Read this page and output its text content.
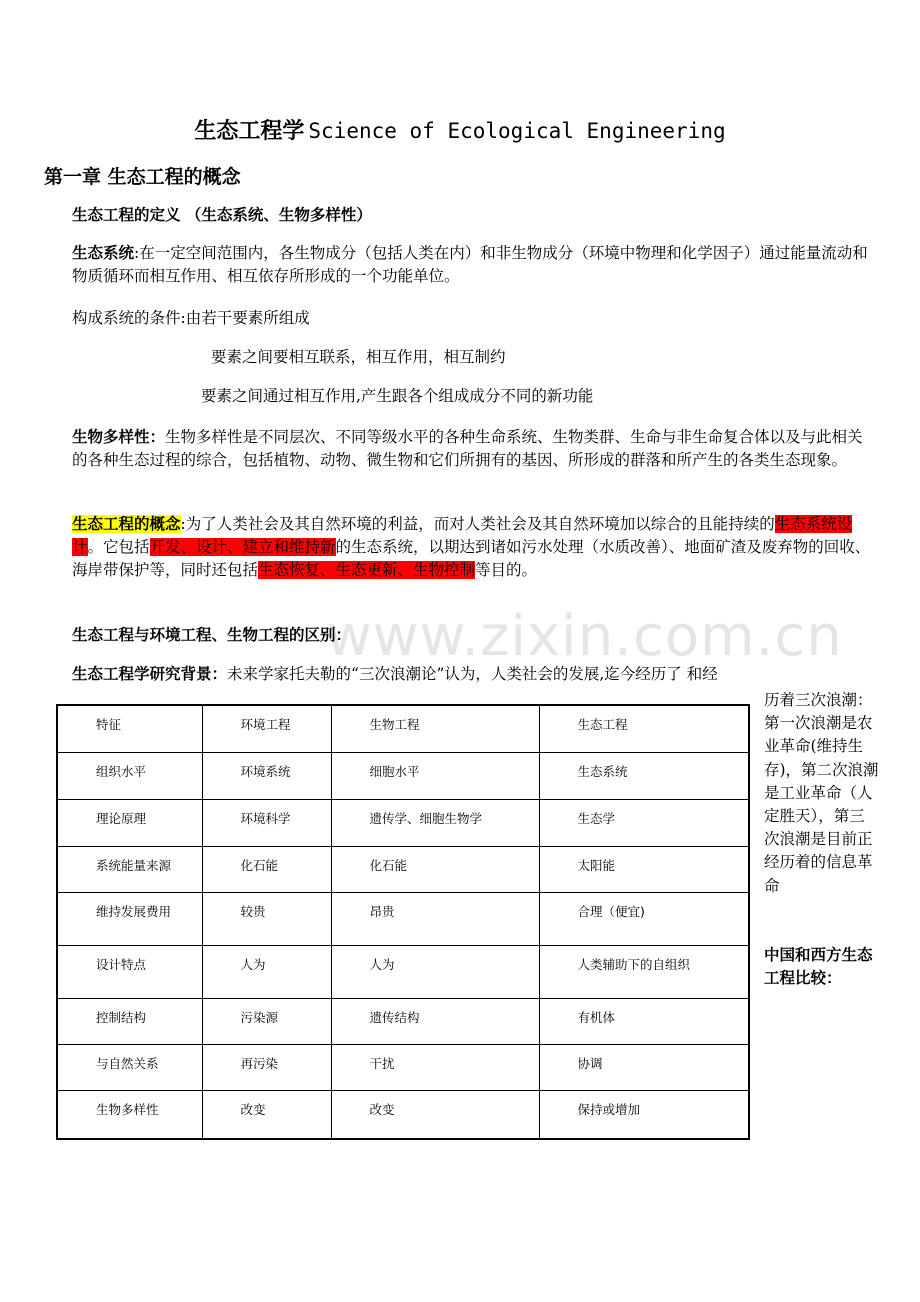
生态工程学 Science of Ecological Engineering
第一章 生态工程的概念
生态工程的定义 （生态系统、生物多样性）
生态系统:在一定空间范围内，各生物成分（包括人类在内）和非生物成分（环境中物理和化学因子）通过能量流动和物质循环而相互作用、相互依存所形成的一个功能单位。
构成系统的条件:由若干要素所组成
要素之间要相互联系，相互作用，相互制约
要素之间通过相互作用,产生跟各个组成成分不同的新功能
生物多样性：生物多样性是不同层次、不同等级水平的各种生命系统、生物类群、生命与非生命复合体以及与此相关的各种生态过程的综合，包括植物、动物、微生物和它们所拥有的基因、所形成的群落和所产生的各类生态现象。
生态工程的概念:为了人类社会及其自然环境的利益，而对人类社会及其自然环境加以综合的且能持续的生态系统设计。它包括开发、设计、建立和维持新的生态系统，以期达到诸如污水处理（水质改善）、地面矿渣及废弃物的回收、海岸带保护等，同时还包括生态恢复、生态更新、生物控制等目的。
www.zixin.com.cn
生态工程与环境工程、生物工程的区别：
生态工程学研究背景：未来学家托夫勒的“三次浪潮论”认为，人类社会的发展,迄今经历了 和经
历着三次浪潮：第一次浪潮是农业革命(维持生存)，第二次浪潮是工业革命（人定胜天），第三 次浪潮是目前正经历着的信息革命
中国和西方生态工程比较：
特征	环境工程	生物工程	生态工程
组织水平	环境系统	细胞水平	生态系统
理论原理	环境科学	遗传学、细胞生物学	生态学
系统能量来源	化石能	化石能	太阳能
维持发展费用	较贵	昂贵	合理（便宜)
设计特点	人为	人为	人类辅助下的自组织
控制结构	污染源	遗传结构	有机体
与自然关系	再污染	干扰	协调
生物多样性	改变	改变	保持或增加
